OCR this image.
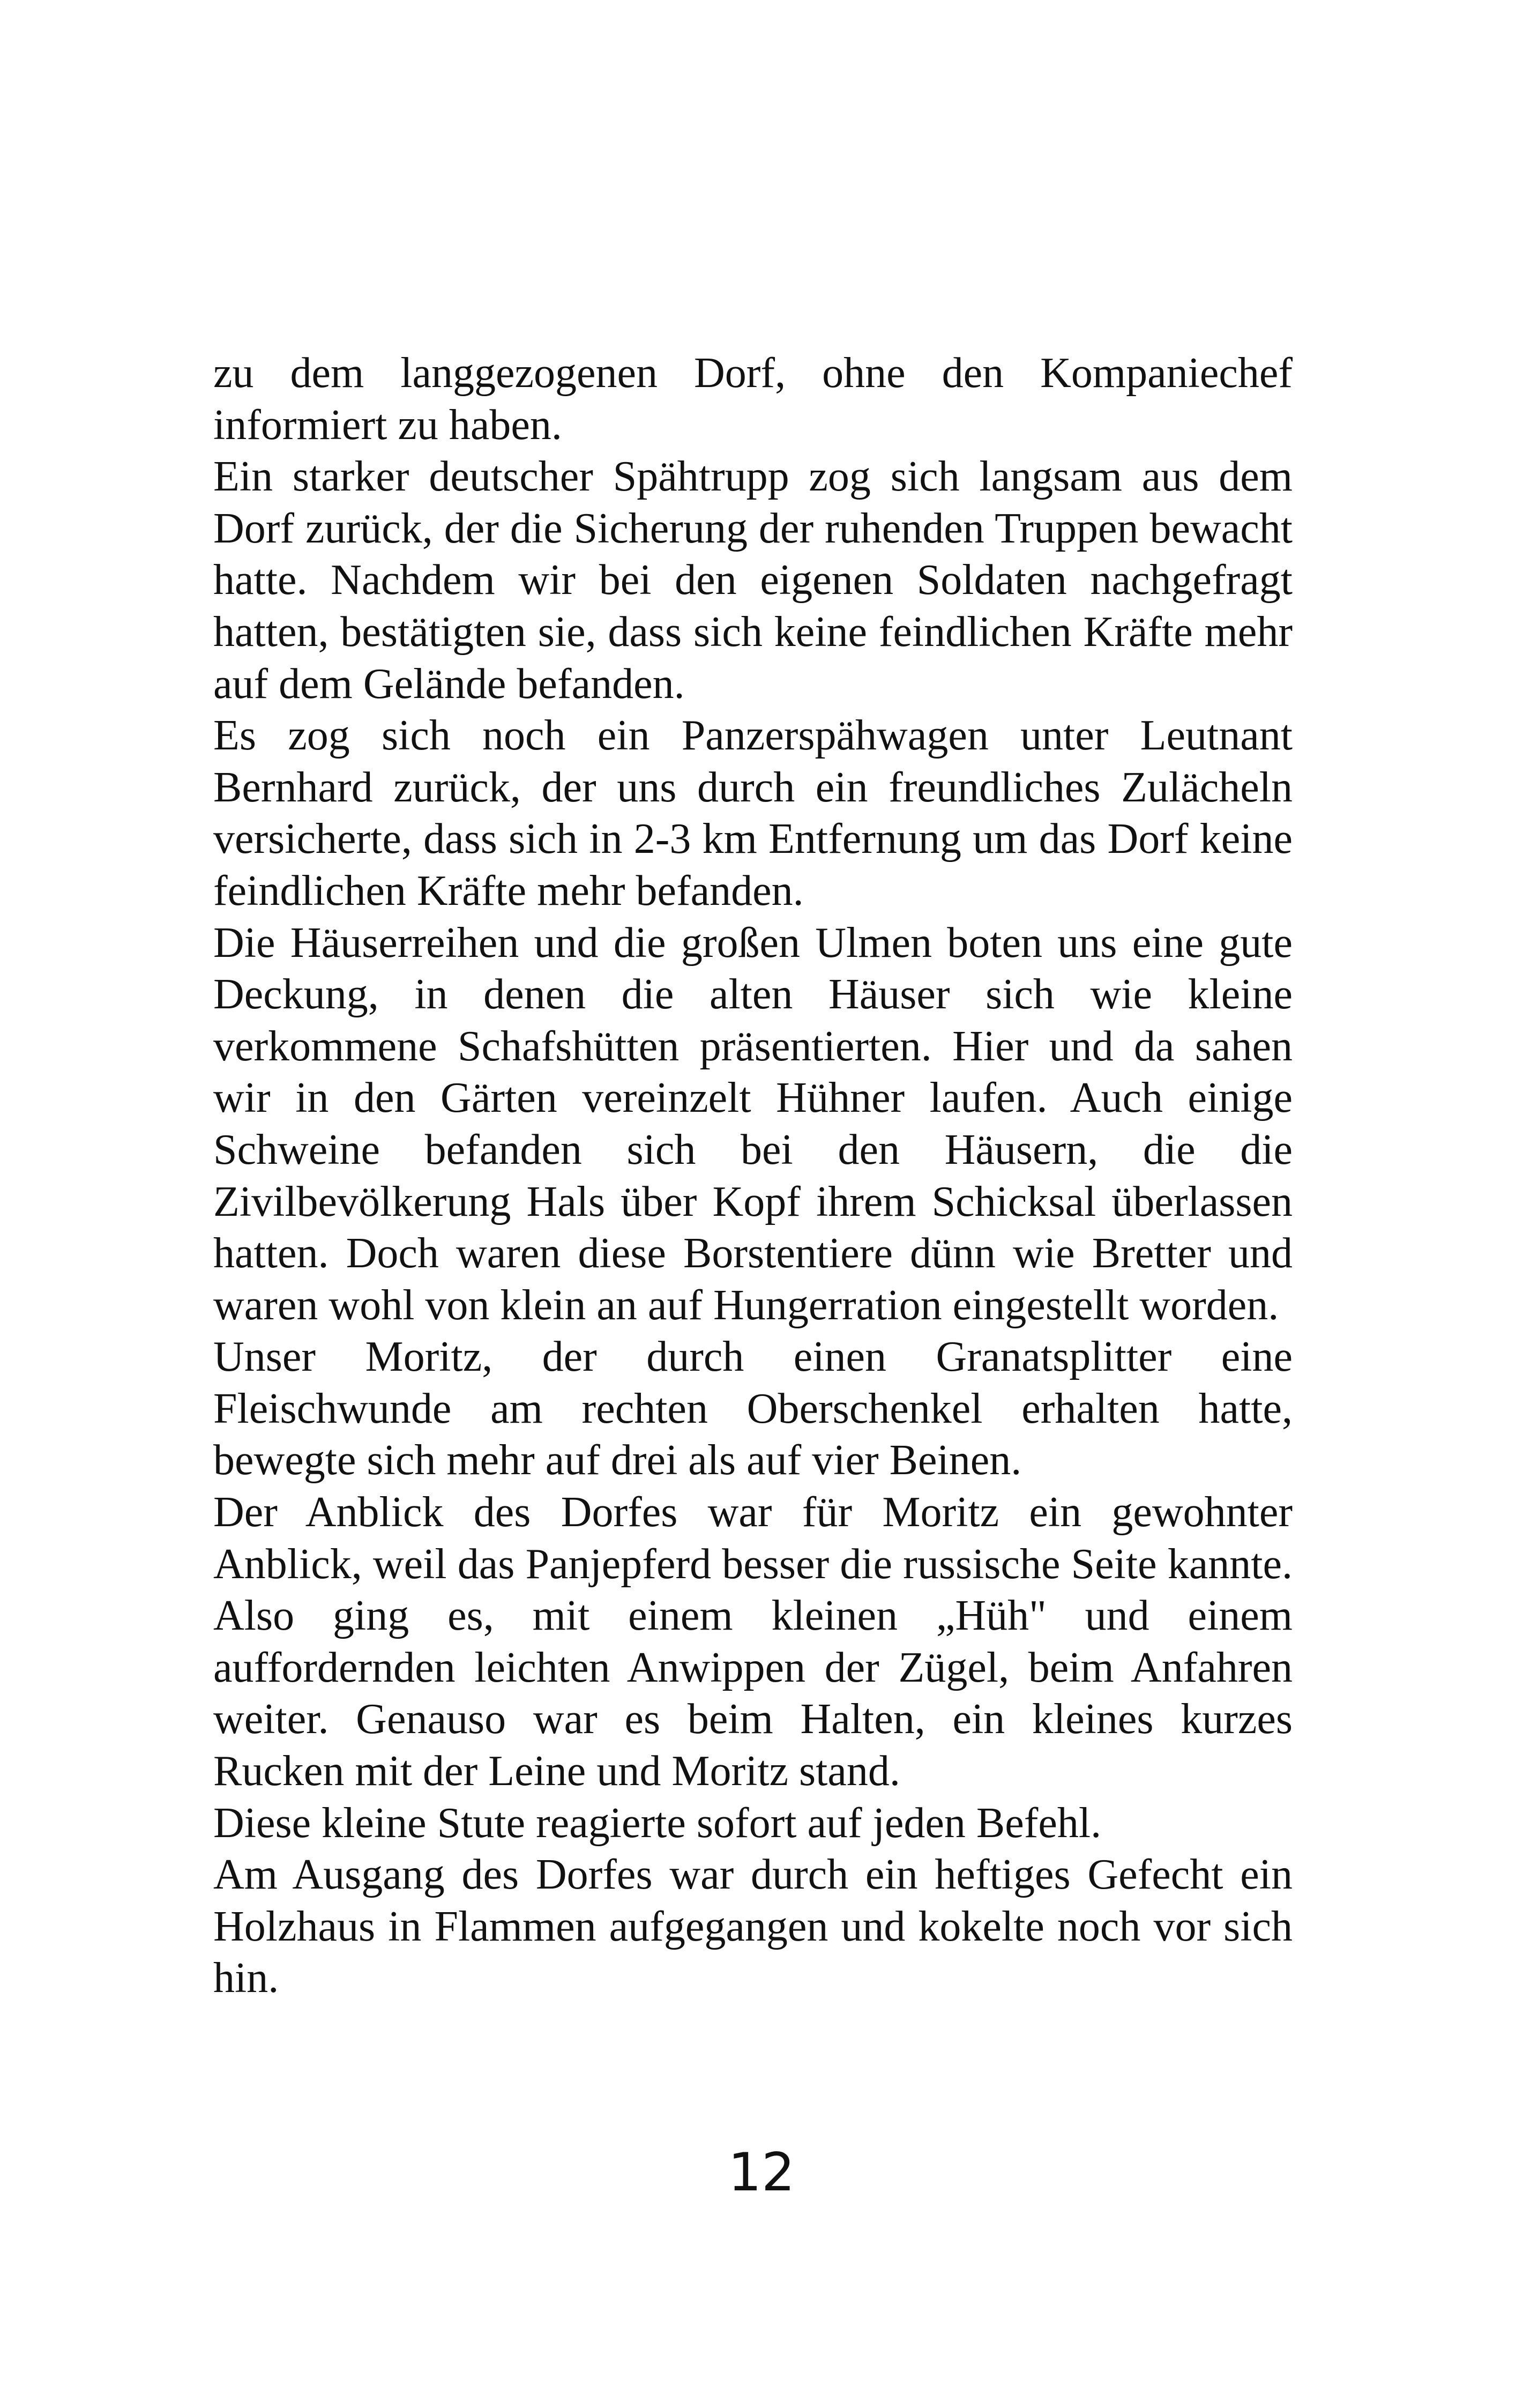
zu dem langgezogenen Dorf, ohne den Kompaniechef informiert zu haben.

Ein starker deutscher Spähtrupp zog sich langsam aus dem Dorf zurück, der die Sicherung der ruhenden Truppen bewacht hatte. Nachdem wir bei den eigenen Soldaten nachgefragt hatten, bestätigten sie, dass sich keine feindlichen Kräfte mehr auf dem Gelände befanden.

Es zog sich noch ein Panzerspähwagen unter Leutnant Bernhard zurück, der uns durch ein freundliches Zulächeln versicherte, dass sich in 2-3 km Entfernung um das Dorf keine feindlichen Kräfte mehr befanden.

Die Häuserreihen und die großen Ulmen boten uns eine gute Deckung, in denen die alten Häuser sich wie kleine verkommene Schafshütten präsentierten. Hier und da sahen wir in den Gärten vereinzelt Hühner laufen. Auch einige Schweine befanden sich bei den Häusern, die die Zivilbevölkerung Hals über Kopf ihrem Schicksal überlassen hatten. Doch waren diese Borstentiere dünn wie Bretter und waren wohl von klein an auf Hungerration eingestellt worden.

Unser Moritz, der durch einen Granatsplitter eine Fleischwunde am rechten Oberschenkel erhalten hatte, bewegte sich mehr auf drei als auf vier Beinen.

Der Anblick des Dorfes war für Moritz ein gewohnter Anblick, weil das Panjepferd besser die russische Seite kannte. Also ging es, mit einem kleinen „Hüh" und einem auffordernden leichten Anwippen der Zügel, beim Anfahren weiter. Genauso war es beim Halten, ein kleines kurzes Rucken mit der Leine und Moritz stand.

Diese kleine Stute reagierte sofort auf jeden Befehl.

Am Ausgang des Dorfes war durch ein heftiges Gefecht ein Holzhaus in Flammen aufgegangen und kokelte noch vor sich hin.

12
